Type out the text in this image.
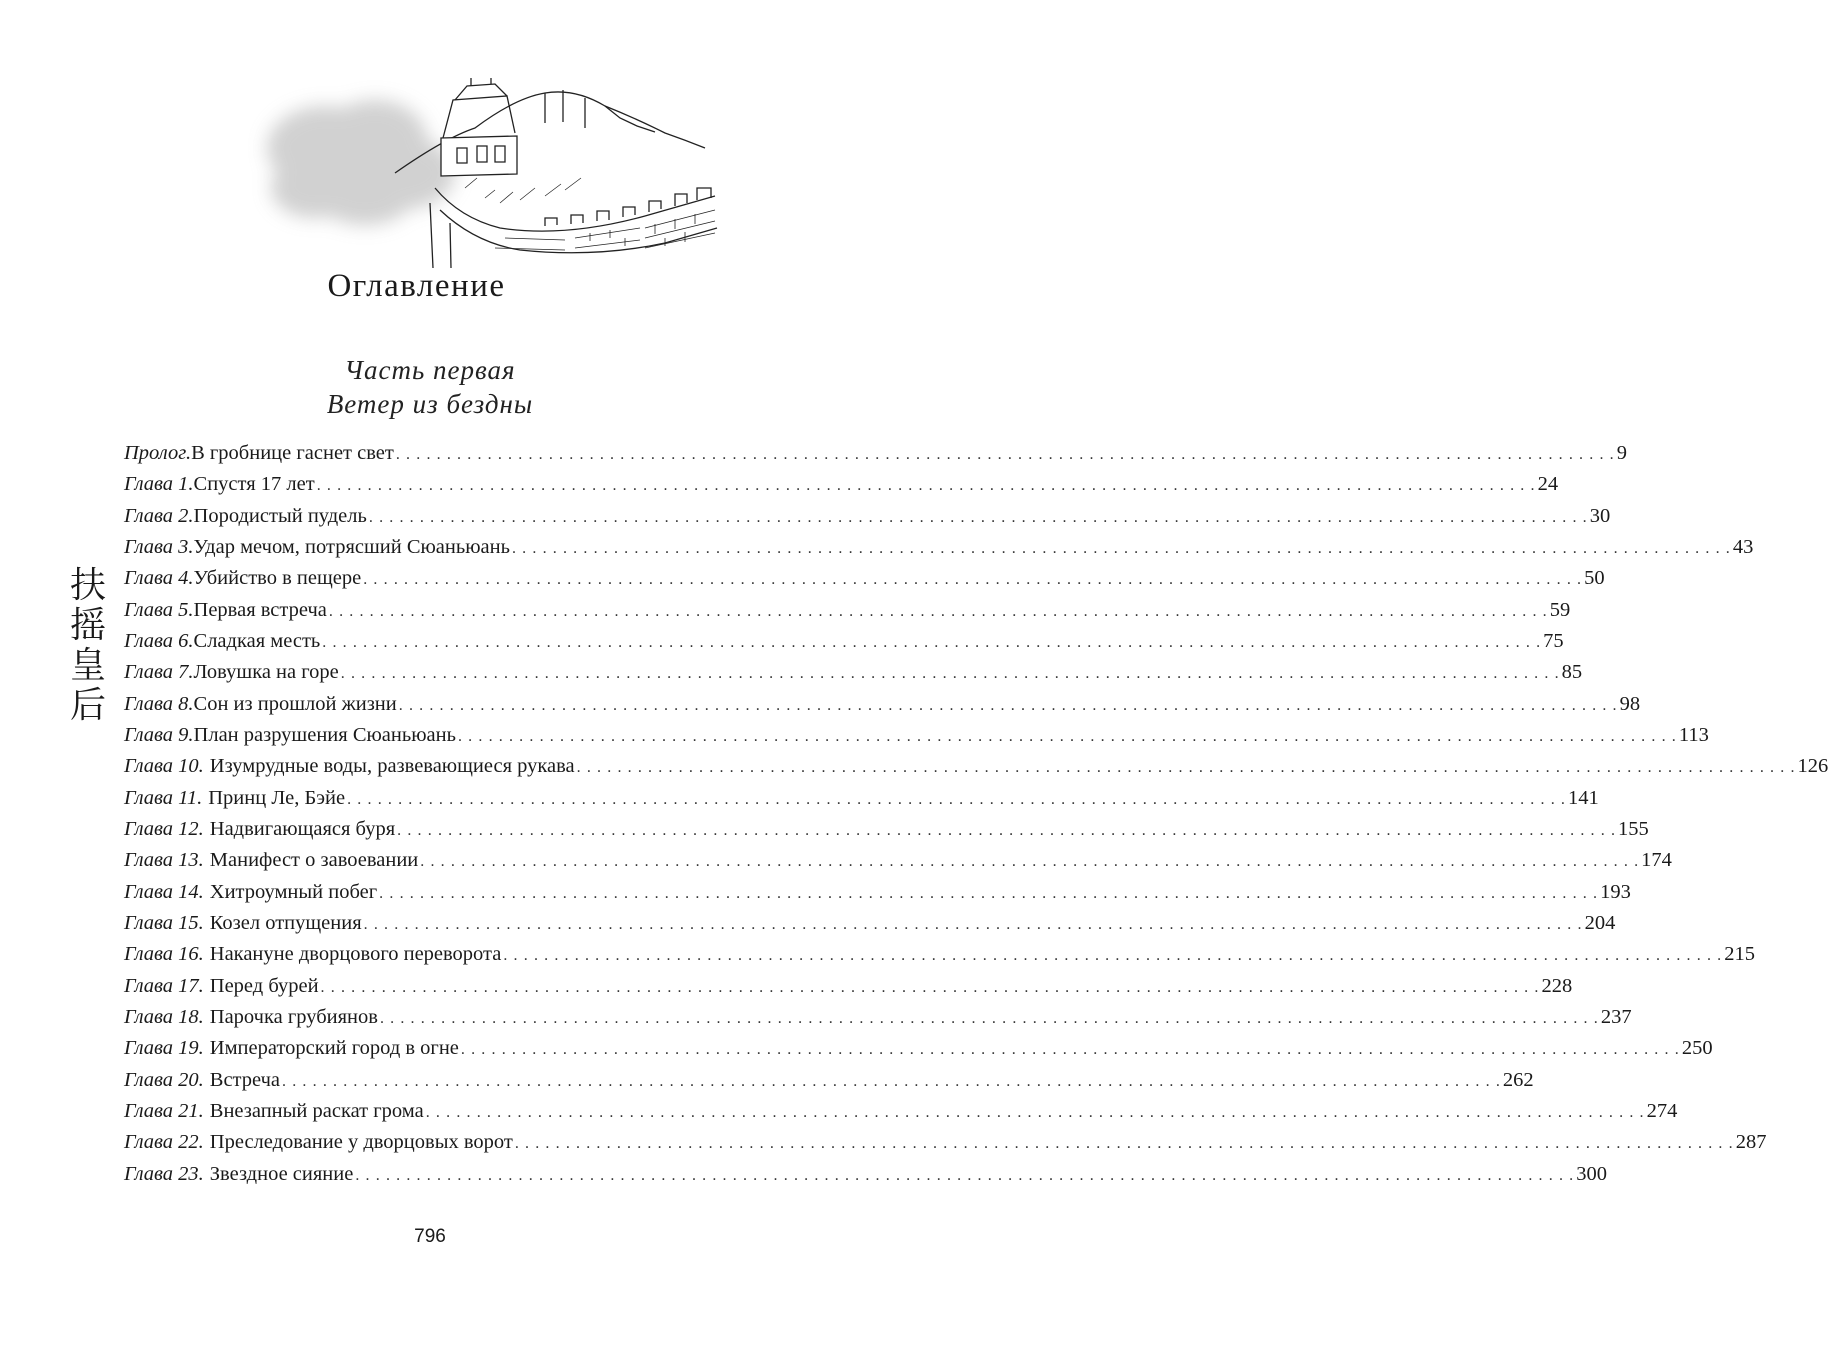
Оглавление
Часть первая
Ветер из бездны
扶
摇
皇
后
Пролог. В гробнице гаснет свет . . . . . . . . . . . . . . . . . . . . . . . . . . . . . . . . . . . . . . . . . . . . . . . . . . . . . . . . . . . . . . . . . . . . . . . . . . . . . . . . . . . . . . . . . . . . . . . . . . . . . . . . . . . . . . . . . . . . . . . . 9
Глава 1. Спустя 17 лет . . . . . . . . . . . . . . . . . . . . . . . . . . . . . . . . . . . . . . . . . . . . . . . . . . . . . . . . . . . . . . . . . . . . . . . . . . . . . . . . . . . . . . . . . . . . . . . . . . . . . . . . . . . . . . . . . . . . . . . . 24
Глава 2. Породистый пудель . . . . . . . . . . . . . . . . . . . . . . . . . . . . . . . . . . . . . . . . . . . . . . . . . . . . . . . . . . . . . . . . . . . . . . . . . . . . . . . . . . . . . . . . . . . . . . . . . . . . . . . . . . . . . . . . . . . . . . . . 30
Глава 3. Удар мечом, потрясший Сюаньюань . . . . . . . . . . . . . . . . . . . . . . . . . . . . . . . . . . . . . . . . . . . . . . . . . . . . . . . . . . . . . . . . . . . . . . . . . . . . . . . . . . . . . . . . . . . . . . . . . . . . . . . . . . . . . . . . . . . . . . . . 43
Глава 4. Убийство в пещере . . . . . . . . . . . . . . . . . . . . . . . . . . . . . . . . . . . . . . . . . . . . . . . . . . . . . . . . . . . . . . . . . . . . . . . . . . . . . . . . . . . . . . . . . . . . . . . . . . . . . . . . . . . . . . . . . . . . . . . . 50
Глава 5. Первая встреча . . . . . . . . . . . . . . . . . . . . . . . . . . . . . . . . . . . . . . . . . . . . . . . . . . . . . . . . . . . . . . . . . . . . . . . . . . . . . . . . . . . . . . . . . . . . . . . . . . . . . . . . . . . . . . . . . . . . . . . . 59
Глава 6. Сладкая месть . . . . . . . . . . . . . . . . . . . . . . . . . . . . . . . . . . . . . . . . . . . . . . . . . . . . . . . . . . . . . . . . . . . . . . . . . . . . . . . . . . . . . . . . . . . . . . . . . . . . . . . . . . . . . . . . . . . . . . . . 75
Глава 7. Ловушка на горе . . . . . . . . . . . . . . . . . . . . . . . . . . . . . . . . . . . . . . . . . . . . . . . . . . . . . . . . . . . . . . . . . . . . . . . . . . . . . . . . . . . . . . . . . . . . . . . . . . . . . . . . . . . . . . . . . . . . . . . . 85
Глава 8. Сон из прошлой жизни . . . . . . . . . . . . . . . . . . . . . . . . . . . . . . . . . . . . . . . . . . . . . . . . . . . . . . . . . . . . . . . . . . . . . . . . . . . . . . . . . . . . . . . . . . . . . . . . . . . . . . . . . . . . . . . . . . . . . . . . 98
Глава 9. План разрушения Сюаньюань . . . . . . . . . . . . . . . . . . . . . . . . . . . . . . . . . . . . . . . . . . . . . . . . . . . . . . . . . . . . . . . . . . . . . . . . . . . . . . . . . . . . . . . . . . . . . . . . . . . . . . . . . . . . . . . . . . . . . . . . 113
Глава 10. Изумрудные воды, развевающиеся рукава . . . . . . . . . . . . . . . . . . . . . . . . . . . . . . . . . . . . . . . . . . . . . . . . . . . . . . . . . . . . . . . . . . . . . . . . . . . . . . . . . . . . . . . . . . . . . . . . . . . . . . . . . . . . . . . . . . . . . . . . 126
Глава 11. Принц Ле, Бэйе . . . . . . . . . . . . . . . . . . . . . . . . . . . . . . . . . . . . . . . . . . . . . . . . . . . . . . . . . . . . . . . . . . . . . . . . . . . . . . . . . . . . . . . . . . . . . . . . . . . . . . . . . . . . . . . . . . . . . . . . 141
Глава 12. Надвигающаяся буря . . . . . . . . . . . . . . . . . . . . . . . . . . . . . . . . . . . . . . . . . . . . . . . . . . . . . . . . . . . . . . . . . . . . . . . . . . . . . . . . . . . . . . . . . . . . . . . . . . . . . . . . . . . . . . . . . . . . . . . . 155
Глава 13. Манифест о завоевании . . . . . . . . . . . . . . . . . . . . . . . . . . . . . . . . . . . . . . . . . . . . . . . . . . . . . . . . . . . . . . . . . . . . . . . . . . . . . . . . . . . . . . . . . . . . . . . . . . . . . . . . . . . . . . . . . . . . . . . . 174
Глава 14. Хитроумный побег . . . . . . . . . . . . . . . . . . . . . . . . . . . . . . . . . . . . . . . . . . . . . . . . . . . . . . . . . . . . . . . . . . . . . . . . . . . . . . . . . . . . . . . . . . . . . . . . . . . . . . . . . . . . . . . . . . . . . . . . 193
Глава 15. Козел отпущения . . . . . . . . . . . . . . . . . . . . . . . . . . . . . . . . . . . . . . . . . . . . . . . . . . . . . . . . . . . . . . . . . . . . . . . . . . . . . . . . . . . . . . . . . . . . . . . . . . . . . . . . . . . . . . . . . . . . . . . . 204
Глава 16. Накануне дворцового переворота . . . . . . . . . . . . . . . . . . . . . . . . . . . . . . . . . . . . . . . . . . . . . . . . . . . . . . . . . . . . . . . . . . . . . . . . . . . . . . . . . . . . . . . . . . . . . . . . . . . . . . . . . . . . . . . . . . . . . . . . 215
Глава 17. Перед бурей . . . . . . . . . . . . . . . . . . . . . . . . . . . . . . . . . . . . . . . . . . . . . . . . . . . . . . . . . . . . . . . . . . . . . . . . . . . . . . . . . . . . . . . . . . . . . . . . . . . . . . . . . . . . . . . . . . . . . . . . 228
Глава 18. Парочка грубиянов . . . . . . . . . . . . . . . . . . . . . . . . . . . . . . . . . . . . . . . . . . . . . . . . . . . . . . . . . . . . . . . . . . . . . . . . . . . . . . . . . . . . . . . . . . . . . . . . . . . . . . . . . . . . . . . . . . . . . . . . 237
Глава 19. Императорский город в огне . . . . . . . . . . . . . . . . . . . . . . . . . . . . . . . . . . . . . . . . . . . . . . . . . . . . . . . . . . . . . . . . . . . . . . . . . . . . . . . . . . . . . . . . . . . . . . . . . . . . . . . . . . . . . . . . . . . . . . . . 250
Глава 20. Встреча . . . . . . . . . . . . . . . . . . . . . . . . . . . . . . . . . . . . . . . . . . . . . . . . . . . . . . . . . . . . . . . . . . . . . . . . . . . . . . . . . . . . . . . . . . . . . . . . . . . . . . . . . . . . . . . . . . . . . . . . 262
Глава 21. Внезапный раскат грома . . . . . . . . . . . . . . . . . . . . . . . . . . . . . . . . . . . . . . . . . . . . . . . . . . . . . . . . . . . . . . . . . . . . . . . . . . . . . . . . . . . . . . . . . . . . . . . . . . . . . . . . . . . . . . . . . . . . . . . . 274
Глава 22. Преследование у дворцовых ворот . . . . . . . . . . . . . . . . . . . . . . . . . . . . . . . . . . . . . . . . . . . . . . . . . . . . . . . . . . . . . . . . . . . . . . . . . . . . . . . . . . . . . . . . . . . . . . . . . . . . . . . . . . . . . . . . . . . . . . . . 287
Глава 23. Звездное сияние . . . . . . . . . . . . . . . . . . . . . . . . . . . . . . . . . . . . . . . . . . . . . . . . . . . . . . . . . . . . . . . . . . . . . . . . . . . . . . . . . . . . . . . . . . . . . . . . . . . . . . . . . . . . . . . . . . . . . . . . 300
796
